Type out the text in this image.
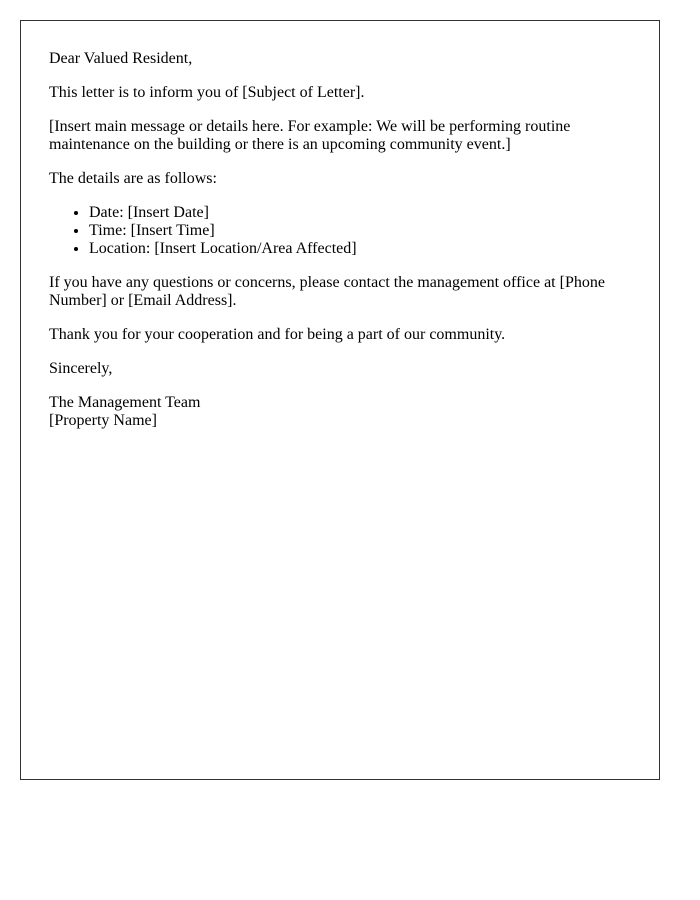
Dear Valued Resident,

This letter is to inform you of [Subject of Letter].

[Insert main message or details here. For example: We will be performing routine maintenance on the building or there is an upcoming community event.]

The details are as follows:

• Date: [Insert Date]
• Time: [Insert Time]
• Location: [Insert Location/Area Affected]

If you have any questions or concerns, please contact the management office at [Phone Number] or [Email Address].

Thank you for your cooperation and for being a part of our community.

Sincerely,

The Management Team
[Property Name]
